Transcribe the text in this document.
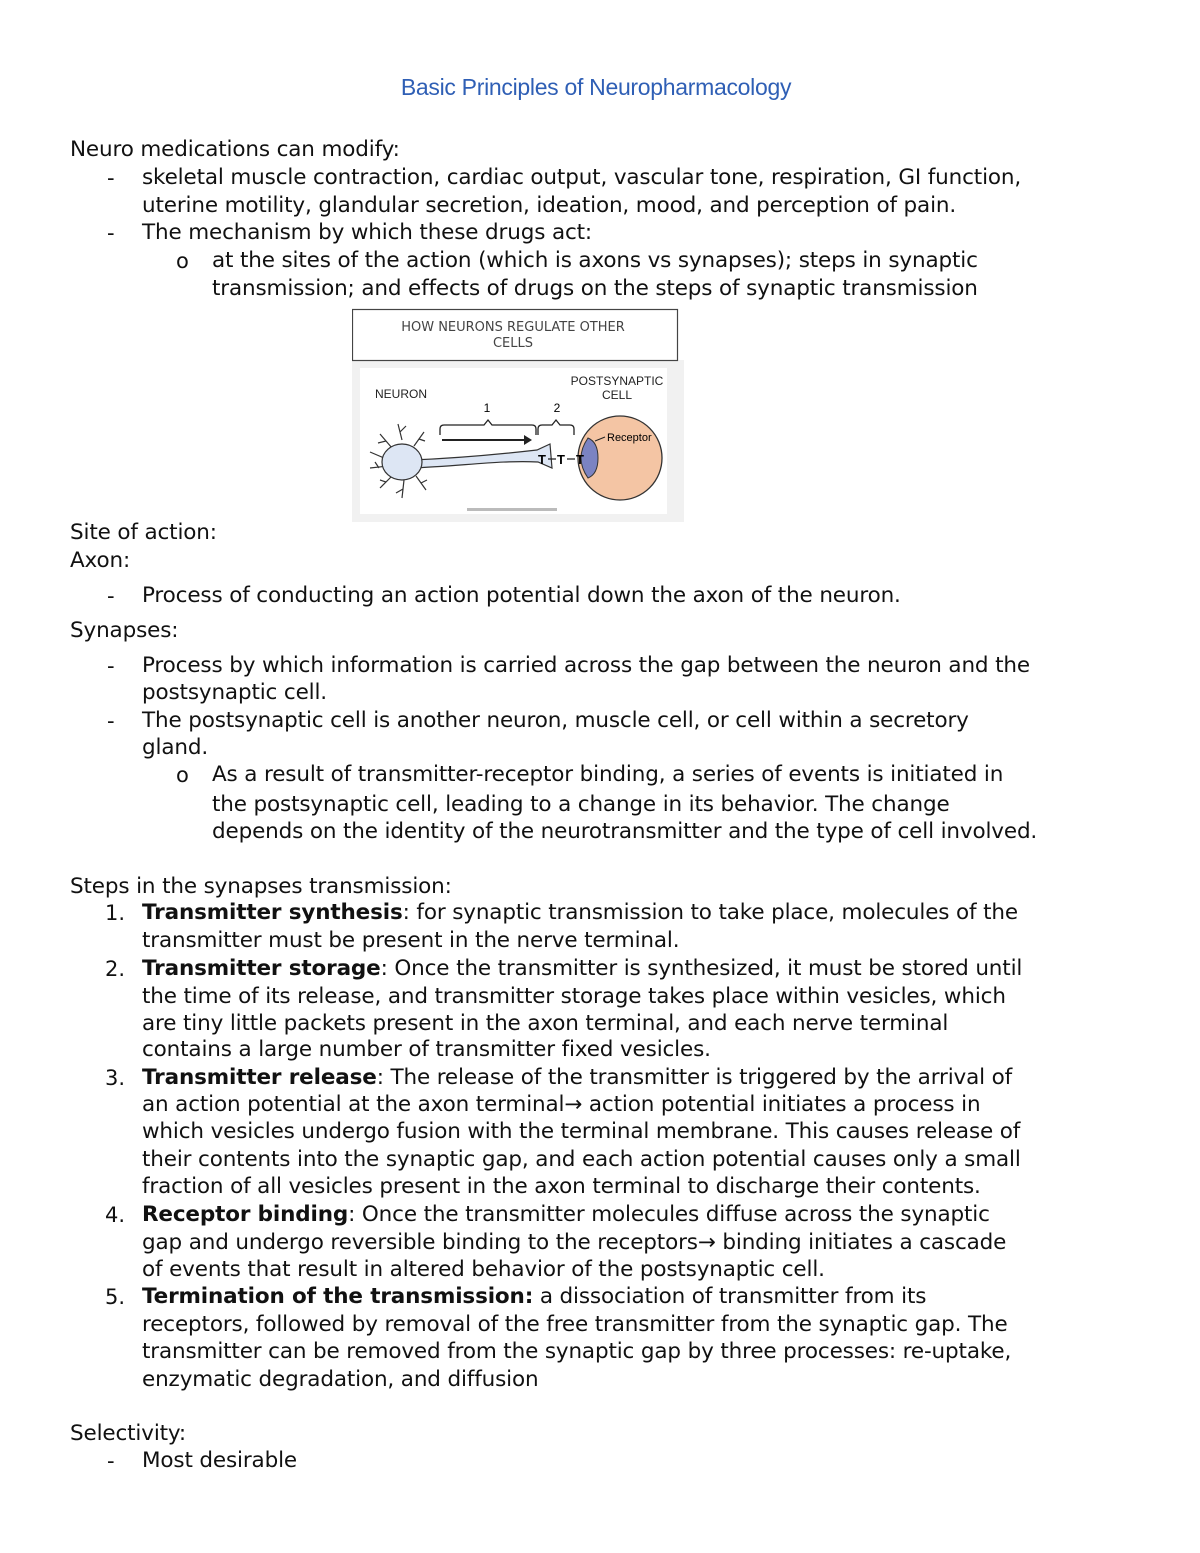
Basic Principles of Neuropharmacology
Neuro medications can modify:
- skeletal muscle contraction, cardiac output, vascular tone, respiration, GI function,
uterine motility, glandular secretion, ideation, mood, and perception of pain.
- The mechanism by which these drugs act:
o at the sites of the action (which is axons vs synapses); steps in synaptic
transmission; and effects of drugs on the steps of synaptic transmission
Site of action:
Axon:
- Process of conducting an action potential down the axon of the neuron.
Synapses:
- Process by which information is carried across the gap between the neuron and the
postsynaptic cell.
- The postsynaptic cell is another neuron, muscle cell, or cell within a secretory
gland.
o As a result of transmitter-receptor binding, a series of events is initiated in
the postsynaptic cell, leading to a change in its behavior. The change
depends on the identity of the neurotransmitter and the type of cell involved.
Steps in the synapses transmission:
1. Transmitter synthesis: for synaptic transmission to take place, molecules of the
transmitter must be present in the nerve terminal.
2. Transmitter storage: Once the transmitter is synthesized, it must be stored until
the time of its release, and transmitter storage takes place within vesicles, which
are tiny little packets present in the axon terminal, and each nerve terminal
contains a large number of transmitter fixed vesicles.
3. Transmitter release: The release of the transmitter is triggered by the arrival of
an action potential at the axon terminal→ action potential initiates a process in
which vesicles undergo fusion with the terminal membrane. This causes release of
their contents into the synaptic gap, and each action potential causes only a small
fraction of all vesicles present in the axon terminal to discharge their contents.
4. Receptor binding: Once the transmitter molecules diffuse across the synaptic
gap and undergo reversible binding to the receptors→ binding initiates a cascade
of events that result in altered behavior of the postsynaptic cell.
5. Termination of the transmission: a dissociation of transmitter from its
receptors, followed by removal of the free transmitter from the synaptic gap. The
transmitter can be removed from the synaptic gap by three processes: re-uptake,
enzymatic degradation, and diffusion
Selectivity:
- Most desirable
HOW NEURONS REGULATE OTHER
CELLS
NEURON
POSTSYNAPTIC
CELL
1	2
Receptor
T T T
